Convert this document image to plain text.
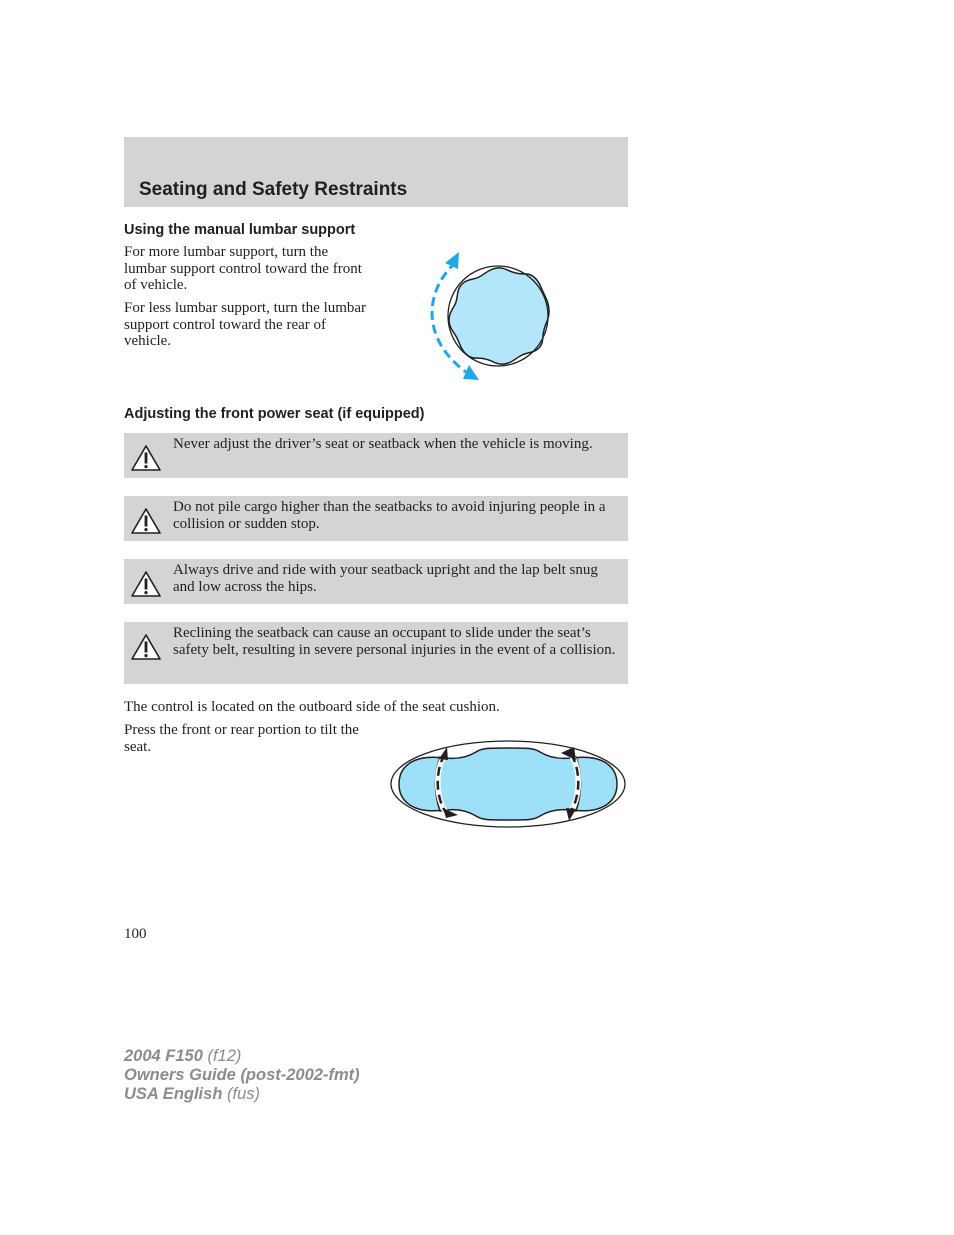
Seating and Safety Restraints
Using the manual lumbar support

For more lumbar support, turn the lumbar support control toward the front of vehicle.

For less lumbar support, turn the lumbar support control toward the rear of vehicle.

Adjusting the front power seat (if equipped)

Never adjust the driver’s seat or seatback when the vehicle is moving.

Do not pile cargo higher than the seatbacks to avoid injuring people in a collision or sudden stop.

Always drive and ride with your seatback upright and the lap belt snug and low across the hips.

Reclining the seatback can cause an occupant to slide under the seat’s safety belt, resulting in severe personal injuries in the event of a collision.

The control is located on the outboard side of the seat cushion.

Press the front or rear portion to tilt the seat.

100

2004 F150 (f12)
Owners Guide (post-2002-fmt)
USA English (fus)
